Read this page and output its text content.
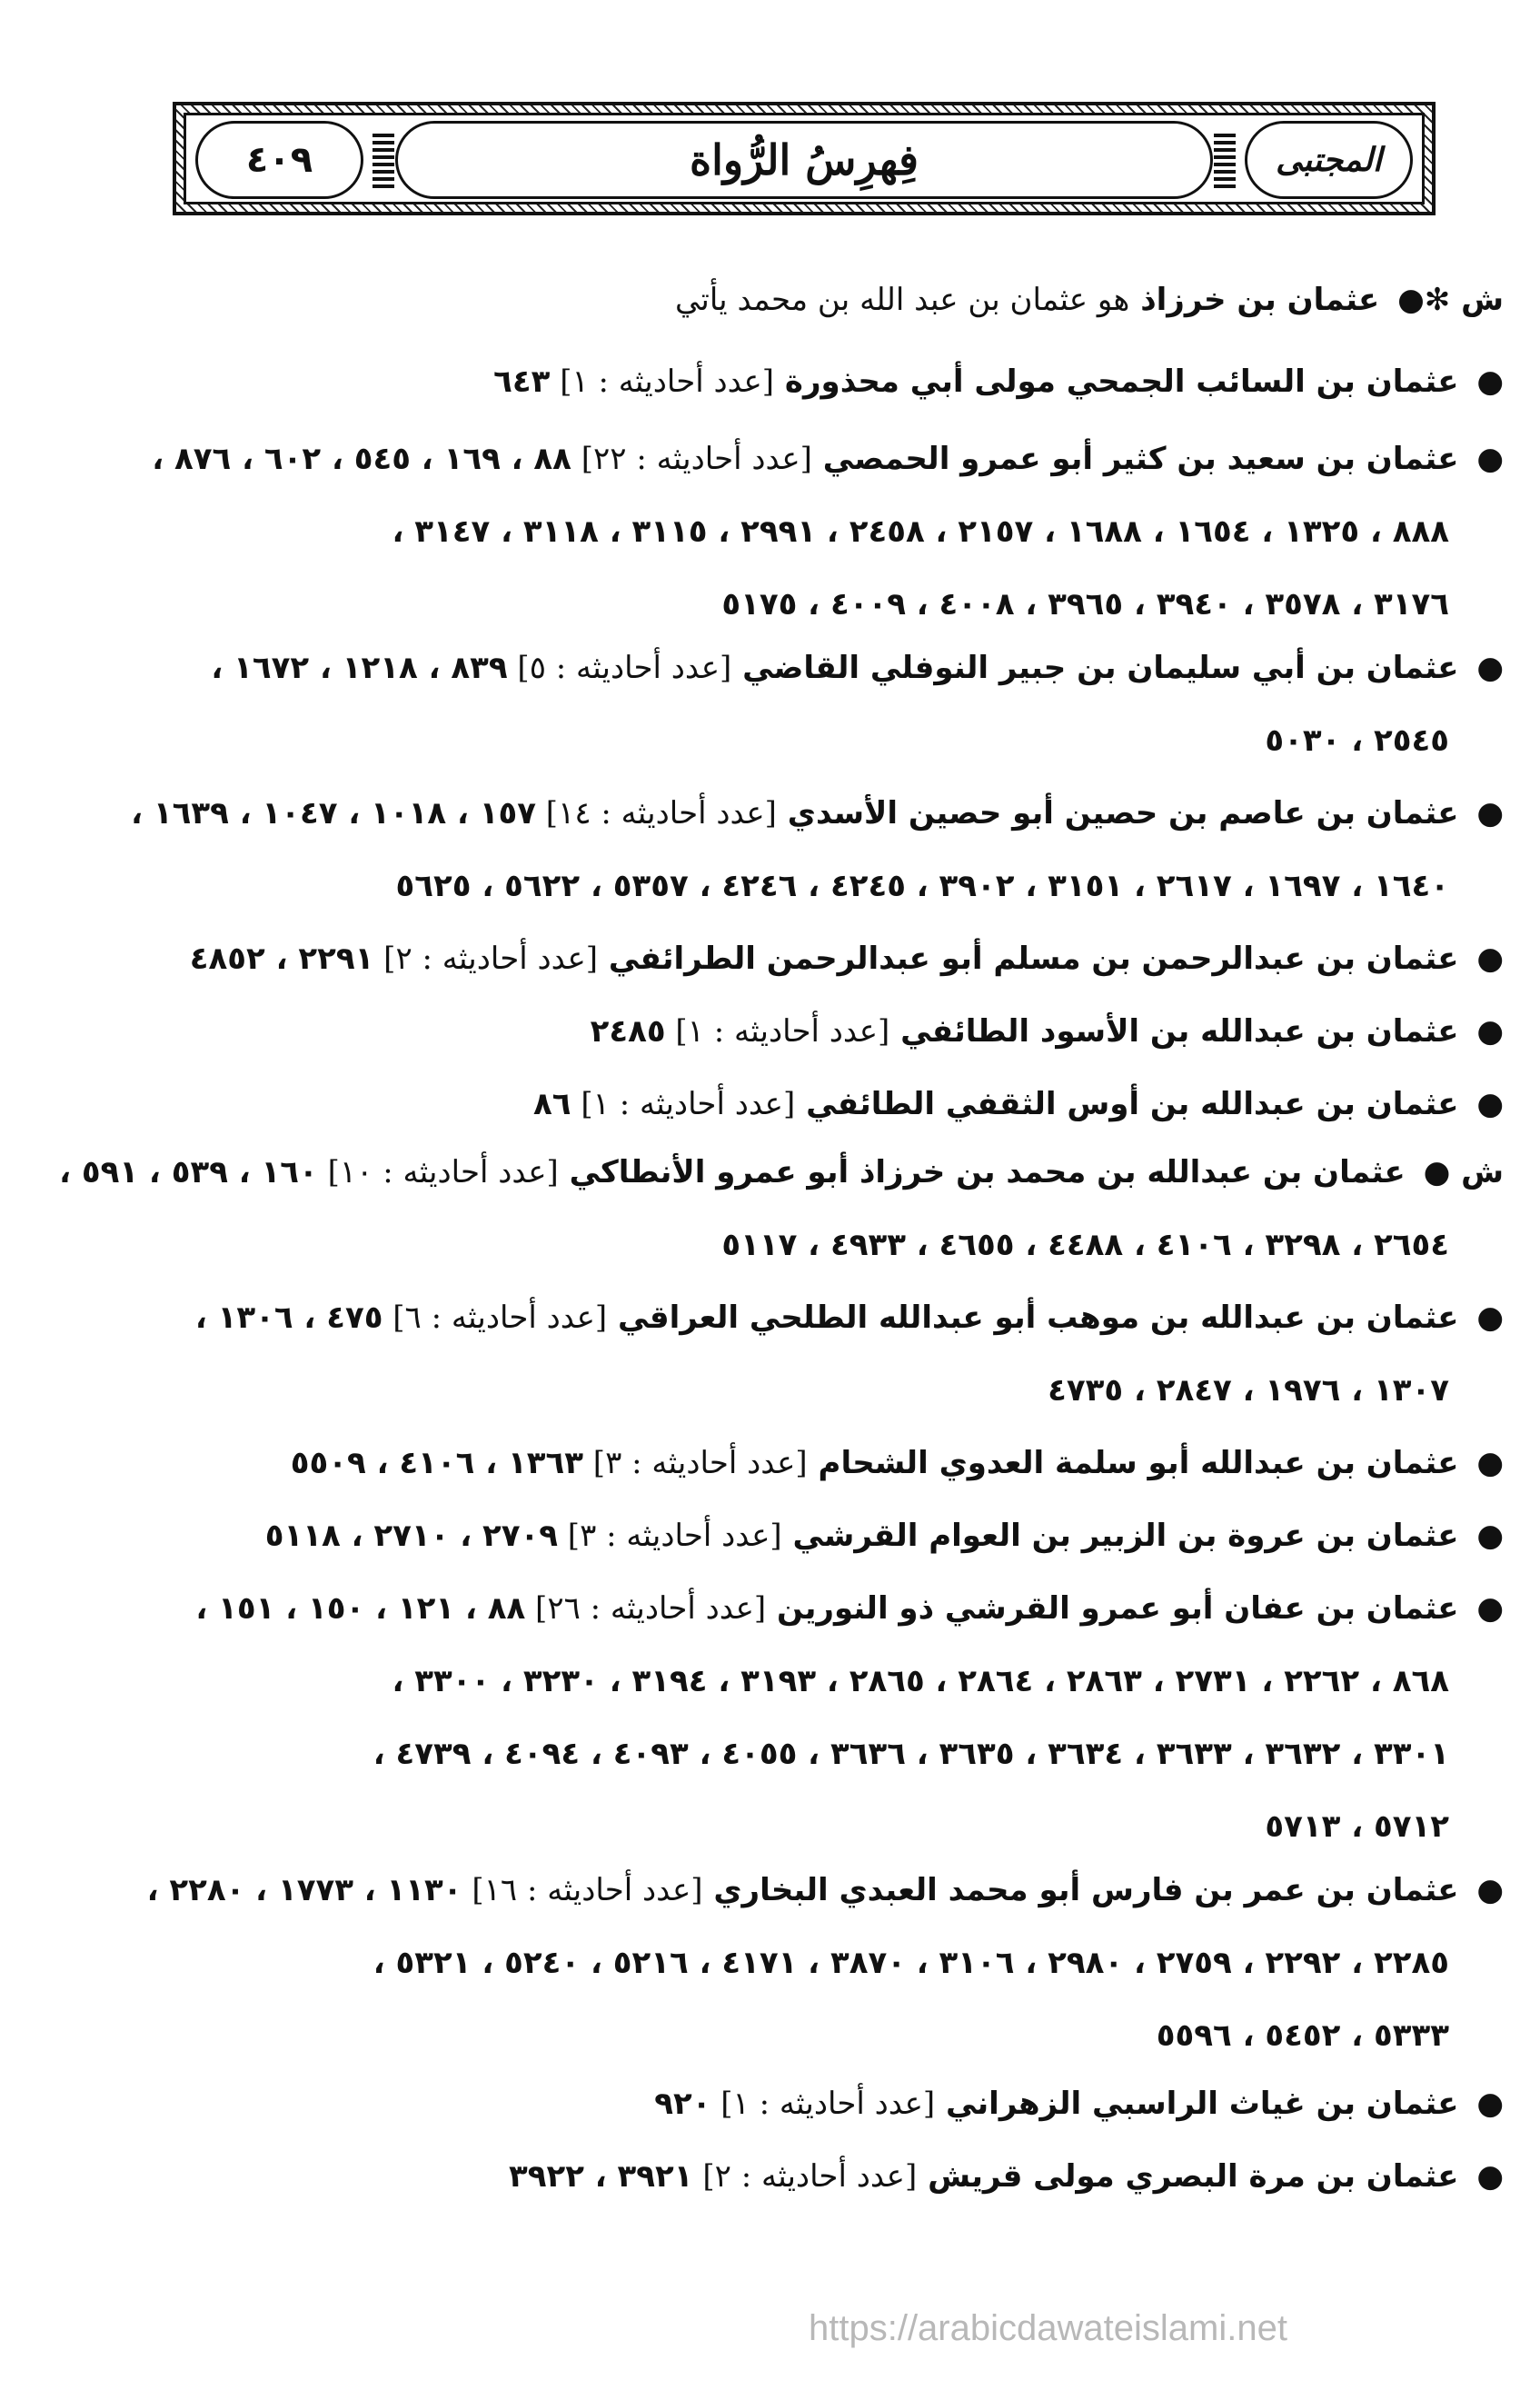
٤٠٩	فِهرِسُ الرُّواة	المجتبى
ش ✻● عثمان بن خرزاذ هو عثمان بن عبد الله بن محمد يأتي
● عثمان بن السائب الجمحي مولى أبي محذورة [عدد أحاديثه : ١] ٦٤٣
● عثمان بن سعيد بن كثير أبو عمرو الحمصي [عدد أحاديثه : ٢٢] ٨٨ ، ١٦٩ ، ٥٤٥ ، ٦٠٢ ، ٨٧٦ ،
٨٨٨ ، ١٣٢٥ ، ١٦٥٤ ، ١٦٨٨ ، ٢١٥٧ ، ٢٤٥٨ ، ٢٩٩١ ، ٣١١٥ ، ٣١١٨ ، ٣١٤٧ ،
٣١٧٦ ، ٣٥٧٨ ، ٣٩٤٠ ، ٣٩٦٥ ، ٤٠٠٨ ، ٤٠٠٩ ، ٥١٧٥
● عثمان بن أبي سليمان بن جبير النوفلي القاضي [عدد أحاديثه : ٥] ٨٣٩ ، ١٢١٨ ، ١٦٧٢ ،
٢٥٤٥ ، ٥٠٣٠
● عثمان بن عاصم بن حصين أبو حصين الأسدي [عدد أحاديثه : ١٤] ١٥٧ ، ١٠١٨ ، ١٠٤٧ ، ١٦٣٩ ،
١٦٤٠ ، ١٦٩٧ ، ٢٦١٧ ، ٣١٥١ ، ٣٩٠٢ ، ٤٢٤٥ ، ٤٢٤٦ ، ٥٣٥٧ ، ٥٦٢٢ ، ٥٦٢٥
● عثمان بن عبدالرحمن بن مسلم أبو عبدالرحمن الطرائفي [عدد أحاديثه : ٢] ٢٢٩١ ، ٤٨٥٢
● عثمان بن عبدالله بن الأسود الطائفي [عدد أحاديثه : ١] ٢٤٨٥
● عثمان بن عبدالله بن أوس الثقفي الطائفي [عدد أحاديثه : ١] ٨٦
ش ● عثمان بن عبدالله بن محمد بن خرزاذ أبو عمرو الأنطاكي [عدد أحاديثه : ١٠] ١٦٠ ، ٥٣٩ ، ٥٩١ ،
٢٦٥٤ ، ٣٢٩٨ ، ٤١٠٦ ، ٤٤٨٨ ، ٤٦٥٥ ، ٤٩٣٣ ، ٥١١٧
● عثمان بن عبدالله بن موهب أبو عبدالله الطلحي العراقي [عدد أحاديثه : ٦] ٤٧٥ ، ١٣٠٦ ،
١٣٠٧ ، ١٩٧٦ ، ٢٨٤٧ ، ٤٧٣٥
● عثمان بن عبدالله أبو سلمة العدوي الشحام [عدد أحاديثه : ٣] ١٣٦٣ ، ٤١٠٦ ، ٥٥٠٩
● عثمان بن عروة بن الزبير بن العوام القرشي [عدد أحاديثه : ٣] ٢٧٠٩ ، ٢٧١٠ ، ٥١١٨
● عثمان بن عفان أبو عمرو القرشي ذو النورين [عدد أحاديثه : ٢٦] ٨٨ ، ١٢١ ، ١٥٠ ، ١٥١ ،
٨٦٨ ، ٢٢٦٢ ، ٢٧٣١ ، ٢٨٦٣ ، ٢٨٦٤ ، ٢٨٦٥ ، ٣١٩٣ ، ٣١٩٤ ، ٣٢٣٠ ، ٣٣٠٠ ،
٣٣٠١ ، ٣٦٣٢ ، ٣٦٣٣ ، ٣٦٣٤ ، ٣٦٣٥ ، ٣٦٣٦ ، ٤٠٥٥ ، ٤٠٩٣ ، ٤٠٩٤ ، ٤٧٣٩ ،
٥٧١٢ ، ٥٧١٣
● عثمان بن عمر بن فارس أبو محمد العبدي البخاري [عدد أحاديثه : ١٦] ١١٣٠ ، ١٧٧٣ ، ٢٢٨٠ ،
٢٢٨٥ ، ٢٢٩٢ ، ٢٧٥٩ ، ٢٩٨٠ ، ٣١٠٦ ، ٣٨٧٠ ، ٤١٧١ ، ٥٢١٦ ، ٥٢٤٠ ، ٥٣٢١ ،
٥٣٣٣ ، ٥٤٥٢ ، ٥٥٩٦
● عثمان بن غياث الراسبي الزهراني [عدد أحاديثه : ١] ٩٢٠
● عثمان بن مرة البصري مولى قريش [عدد أحاديثه : ٢] ٣٩٢١ ، ٣٩٢٢
https://arabicdawateislami.net
